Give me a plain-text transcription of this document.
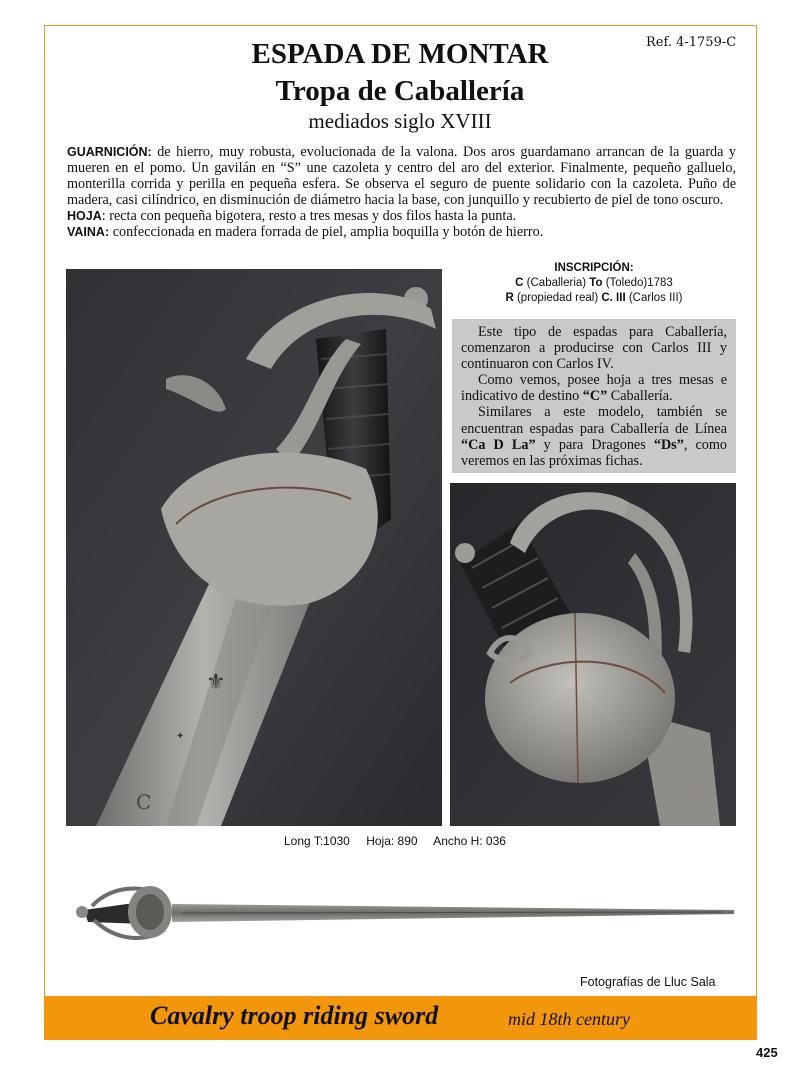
Ref. 4-1759-C
ESPADA DE MONTAR
Tropa de Caballería
mediados siglo XVIII

GUARNICIÓN: de hierro, muy robusta, evolucionada de la valona. Dos aros guardamano arrancan de la guarda y mueren en el pomo. Un gavilán en “S” une cazoleta y centro del aro del exterior. Finalmente, pequeño galluelo, monterilla corrida y perilla en pequeña esfera. Se observa el seguro de puente solidario con la cazoleta. Puño de madera, casi cilíndrico, en disminución de diámetro hacia la base, con junquillo y recubierto de piel de tono oscuro.

HOJA: recta con pequeña bigotera, resto a tres mesas y dos filos hasta la punta.

VAINA: confeccionada en madera forrada de piel, amplia boquilla y botón de hierro.

⚜
✦
C
INSCRIPCIÓN:
C (Caballeria) To (Toledo)1783
R (propiedad real) C. III (Carlos III)

Este tipo de espadas para Caballería, comenzaron a producirse con Carlos III y continuaron con Carlos IV.

Como vemos, posee hoja a tres mesas e indicativo de destino “C” Caballería.

Similares a este modelo, también se encuentran espadas para Caballería de Línea “Ca D La” y para Dragones “Ds”, como veremos en las próximas fichas.

Long T:1030 Hoja: 890 Ancho H: 036
Fotografías de Lluc Sala
Cavalry troop riding sword	mid 18th century
425
